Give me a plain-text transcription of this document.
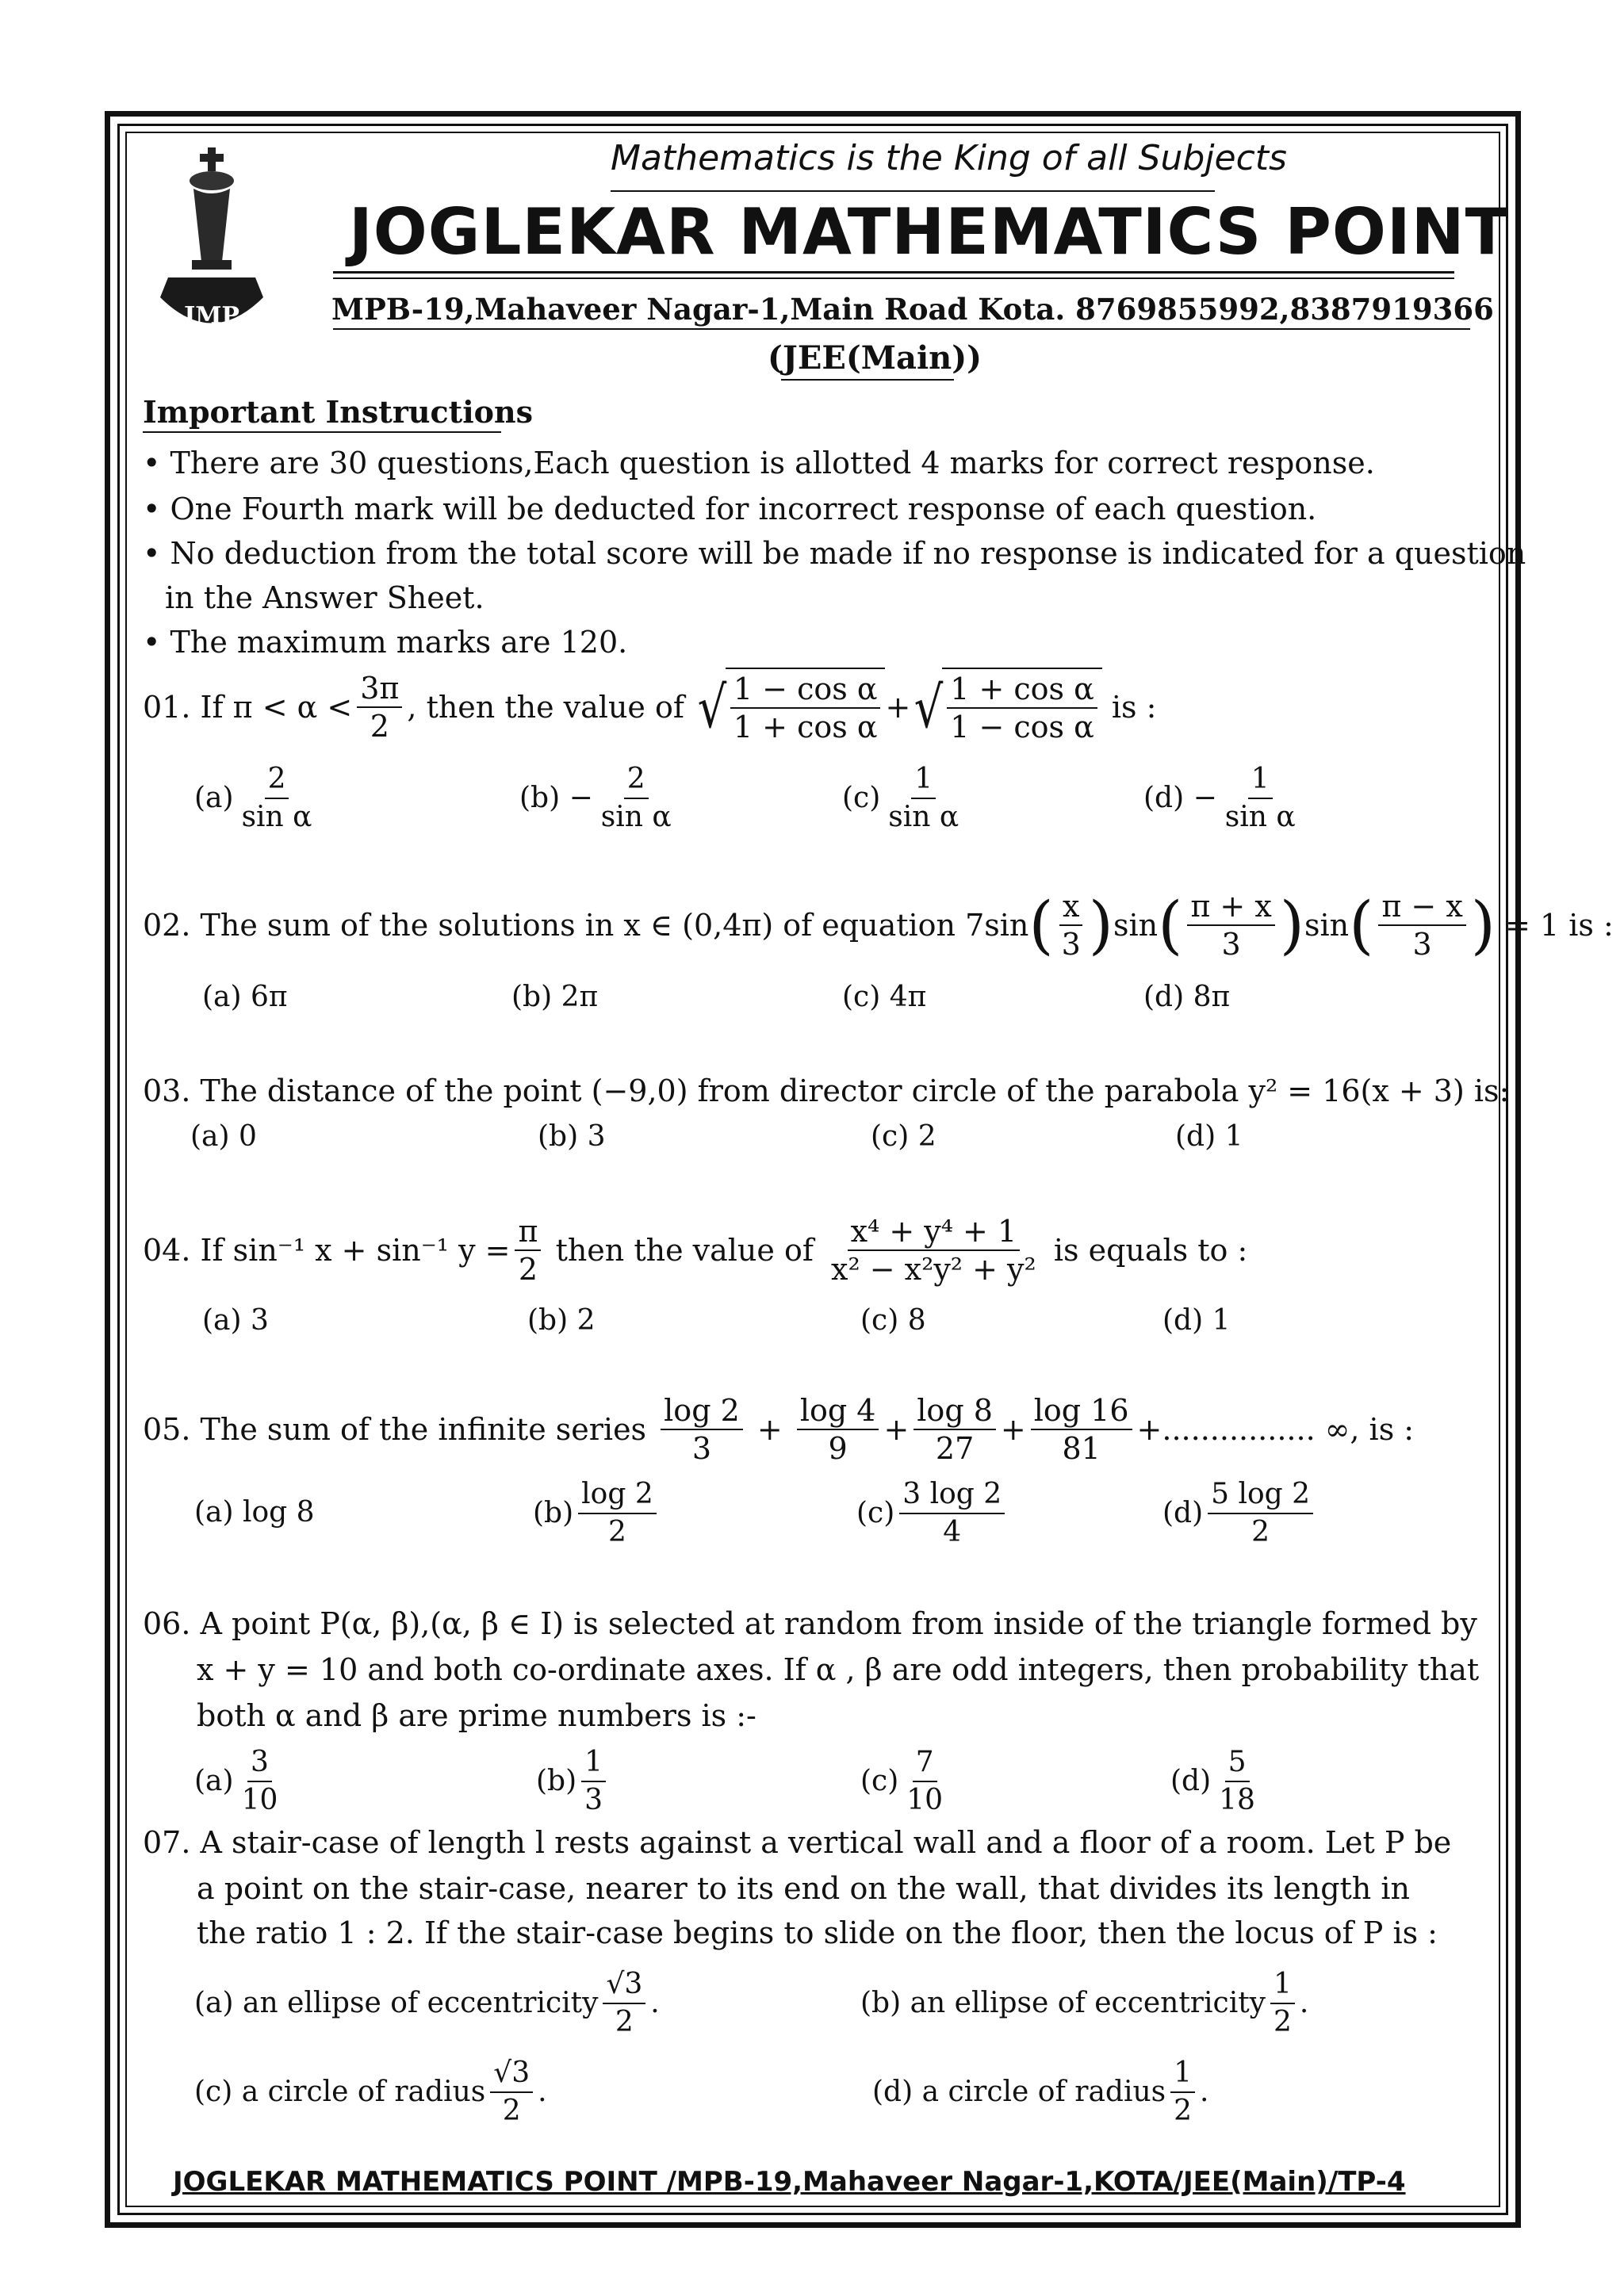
JMP
Mathematics is the King of all Subjects
JOGLEKAR MATHEMATICS POINT
MPB-19,Mahaveer Nagar-1,Main Road Kota. 8769855992,8387919366
(JEE(Main))
Important Instructions
• There are 30 questions,Each question is allotted 4 marks for correct response.
• One Fourth mark will be deducted for incorrect response of each question.
• No deduction from the total score will be made if no response is indicated for a question
in the Answer Sheet.
• The maximum marks are 120.
01.
If $\pi < \alpha < \frac{3\pi}{2}$ , then the value of
√ $\frac{\text{1 − cos α}}{\text{1 + cos α}}$ + √ $\frac{\text{1 + cos α}}{\text{1 − cos α}}$
is :
$(a) \frac{2}{\text{sin α}}$	$(b) - \frac{2}{\text{sin α}}$	$(c) \frac{1}{\text{sin α}}$	$(d) - \frac{1}{\text{sin α}}$
02.
The sum of the solutions in x ∈ (0,4π) of equation 7sin ( $\frac{x}{3}$ ) sin ( $\frac{\pi + x}{3}$ ) sin ( $\frac{\pi - x}{3}$ )
= 1 is :
(a) 6π	(b) 2π	(c) 4π	(d) 8π
03. The distance of the point (−9,0) from director circle of the parabola y² = 16(x + 3) is:
(a) 0	(b) 3	(c) 2	(d) 1
04. If sin⁻¹ x + sin⁻¹ $y = \frac{\pi}{2}$
then the value of
$\frac{\text{x⁴ + y⁴ + 1}}{\text{x² − x²y² + y²}}$
is equals to :
(a) 3	(b) 2	(c) 8	(d) 1
05. The sum of the infinite series
$\frac{\log 2}{3}$
+
$\frac{\log 4}{9} + \frac{\log 8}{27} + \frac{\log 16}{81}$ +................ ∞, is :
(a) log 8	$(b) \frac{\log 2}{2}$	$(c) \frac{3 \log 2}{4}$	$(d) \frac{5 \log 2}{2}$
06. A point P(α, β),(α, β ∈ I) is selected at random from inside of the triangle formed by
x + y = 10 and both co-ordinate axes. If α , β are odd integers, then probability that
both α and β are prime numbers is :-
$(a) \frac{3}{10}$	$(b) \frac{1}{3}$	$(c) \frac{7}{10}$	$(d) \frac{5}{18}$
07. A stair-case of length l rests against a vertical wall and a floor of a room. Let P be
a point on the stair-case, nearer to its end on the wall, that divides its length in
the ratio 1 : 2. If the stair-case begins to slide on the floor, then the locus of P is :
(a) an ellipse of eccentricity $\frac{√3}{2}$ .	(b) an ellipse of eccentricity $\frac{1}{2}$ .
(c) a circle of radius $\frac{√3}{2}$ .	(d) a circle of radius $\frac{1}{2}$ .
JOGLEKAR MATHEMATICS POINT /MPB-19,Mahaveer Nagar-1,KOTA/JEE(Main)/TP-4
